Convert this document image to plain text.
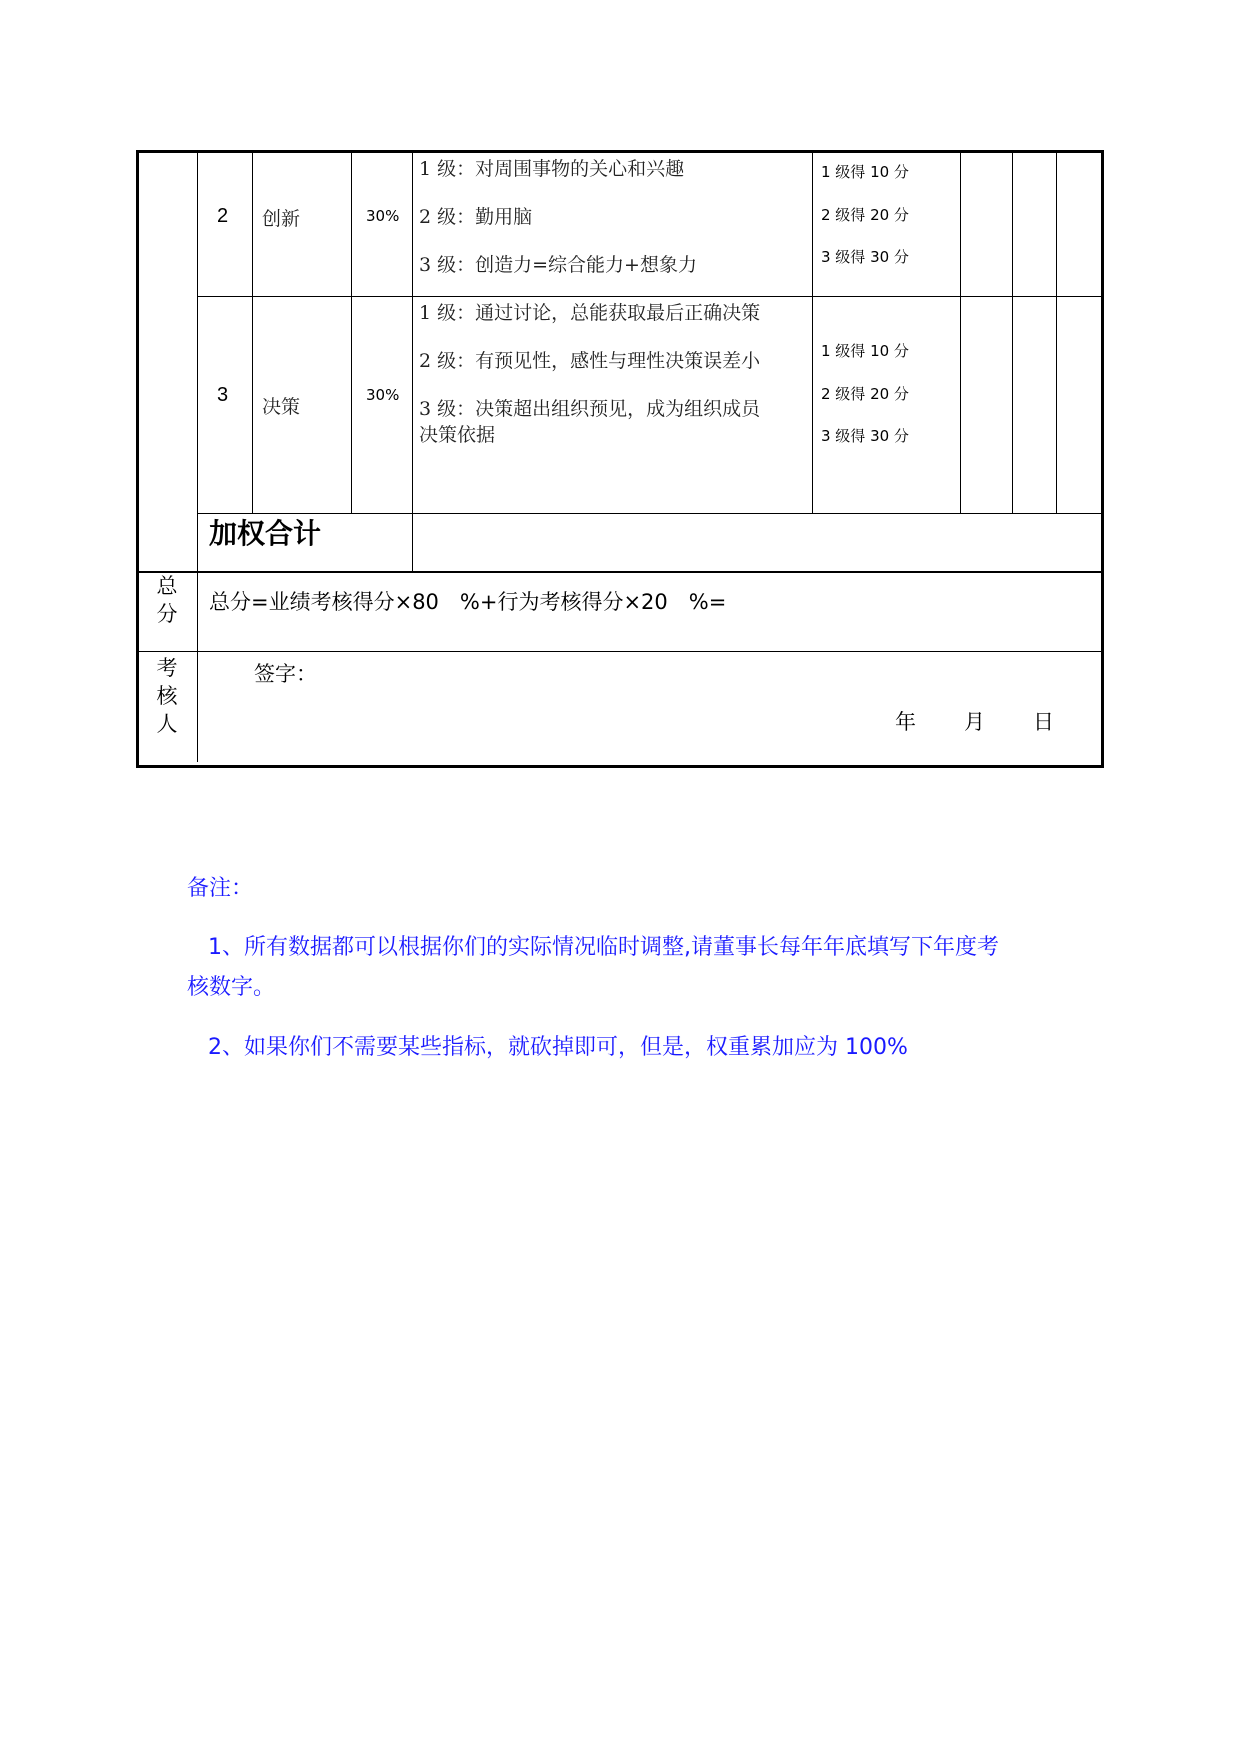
2 创新	30%
1 级：对周围事物的关心和兴趣
2 级：勤用脑
3 级：创造力=综合能力+想象力
1 级得 10 分
2 级得 20 分
3 级得 30 分
3
决策
30%
1 级：通过讨论，总能获取最后正确决策
2 级：有预见性，感性与理性决策误差小
3 级：决策超出组织预见，成为组织成员
决策依据
1 级得 10 分
2 级得 20 分
3 级得 30 分
加权合计
总分	总分=业绩考核得分×80　%+行为考核得分×20　%=
考核人
签字：
年 月 日
备注：
1、所有数据都可以根据你们的实际情况临时调整,请董事长每年年底填写下年度考
核数字。
2、如果你们不需要某些指标，就砍掉即可，但是，权重累加应为 100%
